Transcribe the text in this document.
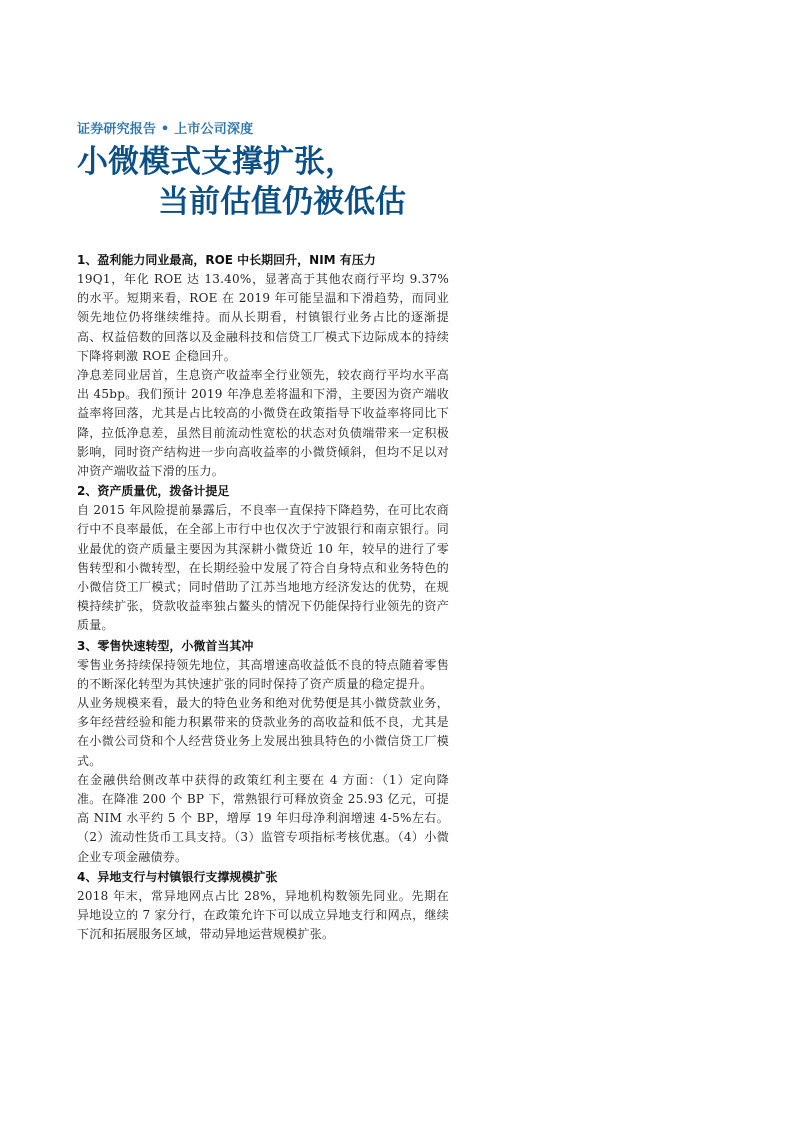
证券研究报告 • 上市公司深度
小微模式支撑扩张，
当前估值仍被低估

1、盈利能力同业最高，ROE 中长期回升，NIM 有压力

19Q1，年化 ROE 达 13.40%，显著高于其他农商行平均 9.37%的水平。短期来看，ROE 在 2019 年可能呈温和下滑趋势，而同业领先地位仍将继续维持。而从长期看，村镇银行业务占比的逐渐提高、权益倍数的回落以及金融科技和信贷工厂模式下边际成本的持续下降将刺激 ROE 企稳回升。

净息差同业居首，生息资产收益率全行业领先，较农商行平均水平高出 45bp。我们预计 2019 年净息差将温和下滑，主要因为资产端收益率将回落，尤其是占比较高的小微贷在政策指导下收益率将同比下降，拉低净息差，虽然目前流动性宽松的状态对负债端带来一定积极影响，同时资产结构进一步向高收益率的小微贷倾斜，但均不足以对冲资产端收益下滑的压力。

2、资产质量优，拨备计提足

自 2015 年风险提前暴露后，不良率一直保持下降趋势，在可比农商行中不良率最低，在全部上市行中也仅次于宁波银行和南京银行。同业最优的资产质量主要因为其深耕小微贷近 10 年，较早的进行了零售转型和小微转型，在长期经验中发展了符合自身特点和业务特色的小微信贷工厂模式；同时借助了江苏当地地方经济发达的优势，在规模持续扩张，贷款收益率独占鳌头的情况下仍能保持行业领先的资产质量。

3、零售快速转型，小微首当其冲

零售业务持续保持领先地位，其高增速高收益低不良的特点随着零售的不断深化转型为其快速扩张的同时保持了资产质量的稳定提升。

从业务规模来看，最大的特色业务和绝对优势便是其小微贷款业务，多年经营经验和能力积累带来的贷款业务的高收益和低不良，尤其是在小微公司贷和个人经营贷业务上发展出独具特色的小微信贷工厂模式。

在金融供给侧改革中获得的政策红利主要在 4 方面：（1）定向降准。在降准 200 个 BP 下，常熟银行可释放资金 25.93 亿元，可提高 NIM 水平约 5 个 BP，增厚 19 年归母净利润增速 4-5%左右。（2）流动性货币工具支持。（3）监管专项指标考核优惠。（4）小微企业专项金融债券。

4、异地支行与村镇银行支撑规模扩张

2018 年末，常异地网点占比 28%，异地机构数领先同业。先期在异地设立的 7 家分行，在政策允许下可以成立异地支行和网点，继续下沉和拓展服务区域，带动异地运营规模扩张。
